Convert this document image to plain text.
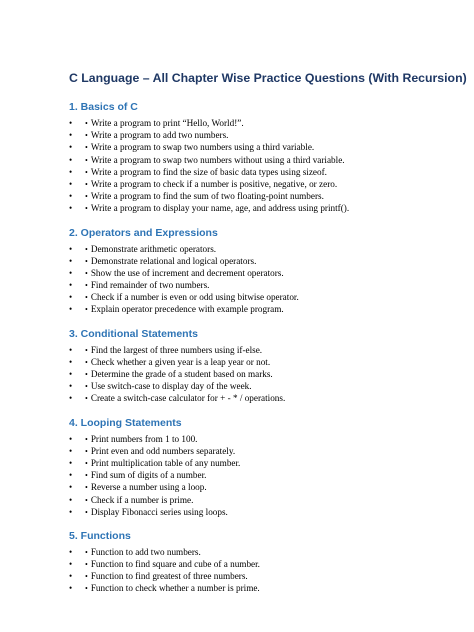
C Language – All Chapter Wise Practice Questions (With Recursion)
1. Basics of C
• • Write a program to print “Hello, World!”.
• • Write a program to add two numbers.
• • Write a program to swap two numbers using a third variable.
• • Write a program to swap two numbers without using a third variable.
• • Write a program to find the size of basic data types using sizeof.
• • Write a program to check if a number is positive, negative, or zero.
• • Write a program to find the sum of two floating-point numbers.
• • Write a program to display your name, age, and address using printf().
2. Operators and Expressions
• • Demonstrate arithmetic operators.
• • Demonstrate relational and logical operators.
• • Show the use of increment and decrement operators.
• • Find remainder of two numbers.
• • Check if a number is even or odd using bitwise operator.
• • Explain operator precedence with example program.
3. Conditional Statements
• • Find the largest of three numbers using if-else.
• • Check whether a given year is a leap year or not.
• • Determine the grade of a student based on marks.
• • Use switch-case to display day of the week.
• • Create a switch-case calculator for + - * / operations.
4. Looping Statements
• • Print numbers from 1 to 100.
• • Print even and odd numbers separately.
• • Print multiplication table of any number.
• • Find sum of digits of a number.
• • Reverse a number using a loop.
• • Check if a number is prime.
• • Display Fibonacci series using loops.
5. Functions
• • Function to add two numbers.
• • Function to find square and cube of a number.
• • Function to find greatest of three numbers.
• • Function to check whether a number is prime.
